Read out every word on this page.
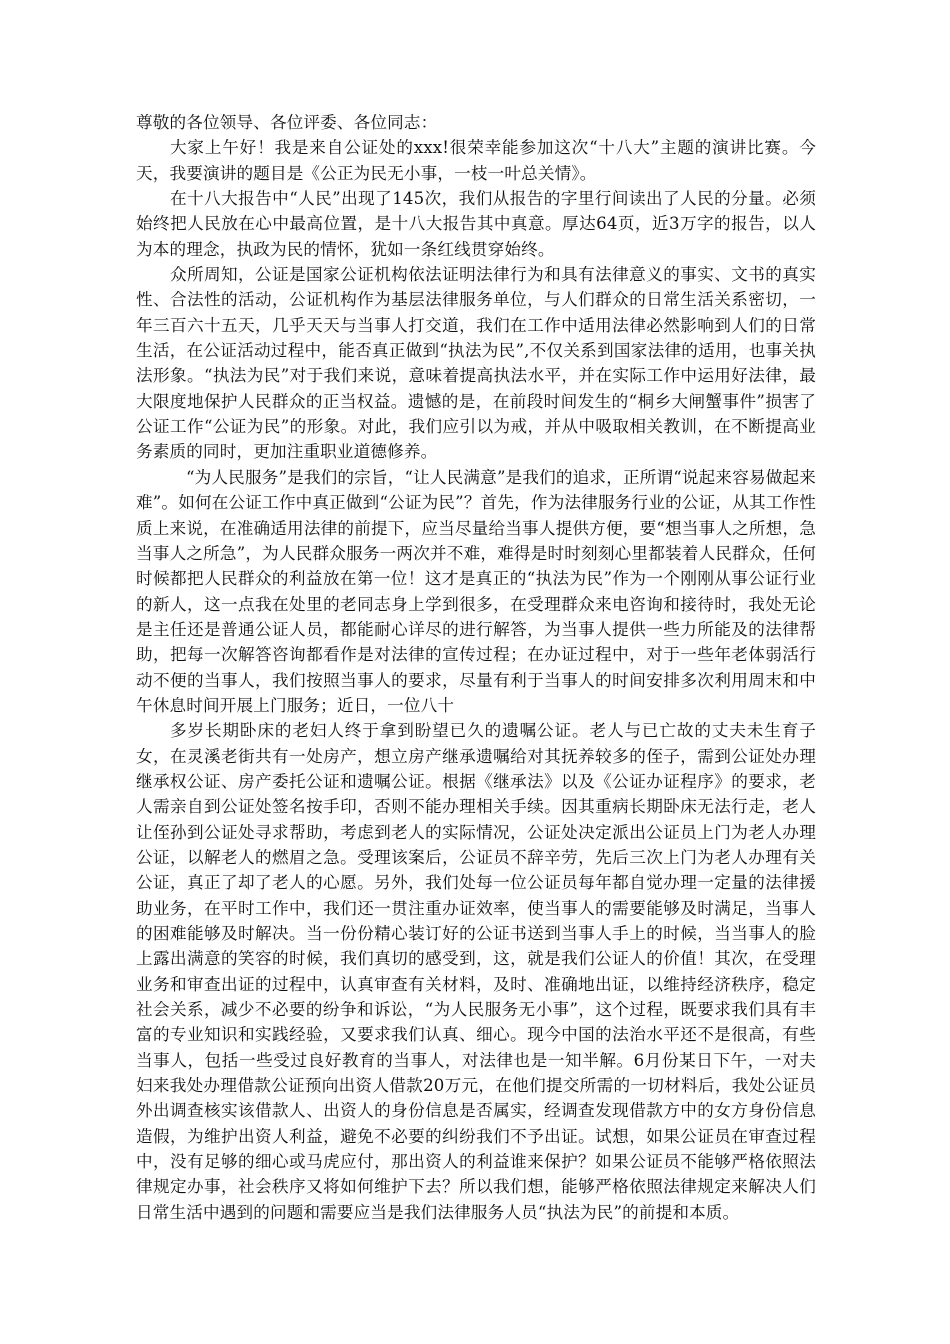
尊敬的各位领导、各位评委、各位同志：

大家上午好！我是来自公证处的xxx!很荣幸能参加这次“十八大”主题的演讲比赛。今天，我要演讲的题目是《公正为民无小事，一枝一叶总关情》。

在十八大报告中“人民”出现了145次，我们从报告的字里行间读出了人民的分量。必须始终把人民放在心中最高位置，是十八大报告其中真意。厚达64页，近3万字的报告，以人为本的理念，执政为民的情怀，犹如一条红线贯穿始终。

众所周知，公证是国家公证机构依法证明法律行为和具有法律意义的事实、文书的真实性、合法性的活动，公证机构作为基层法律服务单位，与人们群众的日常生活关系密切，一年三百六十五天，几乎天天与当事人打交道，我们在工作中适用法律必然影响到人们的日常生活，在公证活动过程中，能否真正做到“执法为民”,不仅关系到国家法律的适用，也事关执法形象。“执法为民”对于我们来说，意味着提高执法水平，并在实际工作中运用好法律，最大限度地保护人民群众的正当权益。遗憾的是，在前段时间发生的“桐乡大闸蟹事件”损害了公证工作“公证为民”的形象。对此，我们应引以为戒，并从中吸取相关教训，在不断提高业务素质的同时，更加注重职业道德修养。

“为人民服务”是我们的宗旨，“让人民满意”是我们的追求，正所谓“说起来容易做起来难”。如何在公证工作中真正做到“公证为民”？首先，作为法律服务行业的公证，从其工作性质上来说，在准确适用法律的前提下，应当尽量给当事人提供方便，要“想当事人之所想，急当事人之所急”，为人民群众服务一两次并不难，难得是时时刻刻心里都装着人民群众，任何时候都把人民群众的利益放在第一位！这才是真正的“执法为民”作为一个刚刚从事公证行业的新人，这一点我在处里的老同志身上学到很多，在受理群众来电咨询和接待时，我处无论是主任还是普通公证人员，都能耐心详尽的进行解答，为当事人提供一些力所能及的法律帮助，把每一次解答咨询都看作是对法律的宣传过程；在办证过程中，对于一些年老体弱活行动不便的当事人，我们按照当事人的要求，尽量有利于当事人的时间安排多次利用周末和中午休息时间开展上门服务；近日，一位八十

多岁长期卧床的老妇人终于拿到盼望已久的遗嘱公证。老人与已亡故的丈夫未生育子女，在灵溪老街共有一处房产，想立房产继承遗嘱给对其抚养较多的侄子，需到公证处办理继承权公证、房产委托公证和遗嘱公证。根据《继承法》以及《公证办证程序》的要求，老人需亲自到公证处签名按手印，否则不能办理相关手续。因其重病长期卧床无法行走，老人让侄孙到公证处寻求帮助，考虑到老人的实际情况，公证处决定派出公证员上门为老人办理公证，以解老人的燃眉之急。受理该案后，公证员不辞辛劳，先后三次上门为老人办理有关公证，真正了却了老人的心愿。另外，我们处每一位公证员每年都自觉办理一定量的法律援助业务，在平时工作中，我们还一贯注重办证效率，使当事人的需要能够及时满足，当事人的困难能够及时解决。当一份份精心装订好的公证书送到当事人手上的时候，当当事人的脸上露出满意的笑容的时候，我们真切的感受到，这，就是我们公证人的价值！其次，在受理业务和审查出证的过程中，认真审查有关材料，及时、准确地出证，以维持经济秩序，稳定社会关系，减少不必要的纷争和诉讼，“为人民服务无小事”，这个过程，既要求我们具有丰富的专业知识和实践经验，又要求我们认真、细心。现今中国的法治水平还不是很高，有些当事人，包括一些受过良好教育的当事人，对法律也是一知半解。6月份某日下午，一对夫妇来我处办理借款公证预向出资人借款20万元，在他们提交所需的一切材料后，我处公证员外出调查核实该借款人、出资人的身份信息是否属实，经调查发现借款方中的女方身份信息造假，为维护出资人利益，避免不必要的纠纷我们不予出证。试想，如果公证员在审查过程中，没有足够的细心或马虎应付，那出资人的利益谁来保护？如果公证员不能够严格依照法律规定办事，社会秩序又将如何维护下去？所以我们想，能够严格依照法律规定来解决人们日常生活中遇到的问题和需要应当是我们法律服务人员“执法为民”的前提和本质。
